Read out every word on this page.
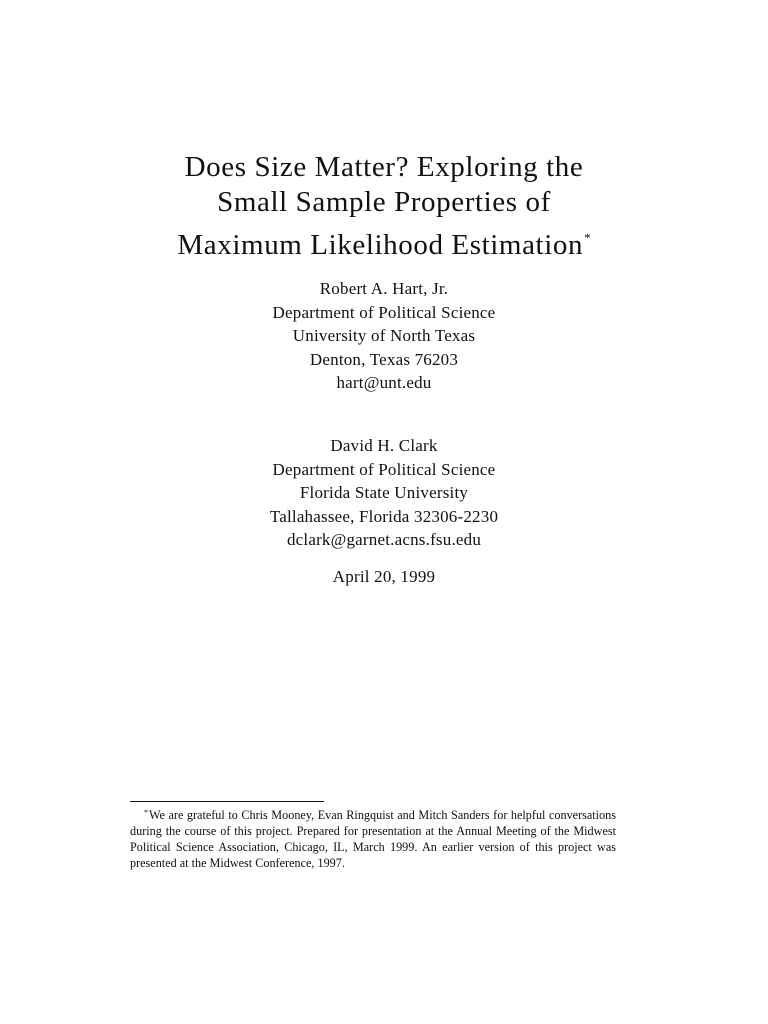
Does Size Matter? Exploring the
Small Sample Properties of
Maximum Likelihood Estimation*
Robert A. Hart, Jr.
Department of Political Science
University of North Texas
Denton, Texas 76203
hart@unt.edu
David H. Clark
Department of Political Science
Florida State University
Tallahassee, Florida 32306-2230
dclark@garnet.acns.fsu.edu
April 20, 1999
*We are grateful to Chris Mooney, Evan Ringquist and Mitch Sanders for helpful conversations during the course of this project. Prepared for presentation at the Annual Meeting of the Midwest Political Science Association, Chicago, IL, March 1999. An earlier version of this project was presented at the Midwest Conference, 1997.
